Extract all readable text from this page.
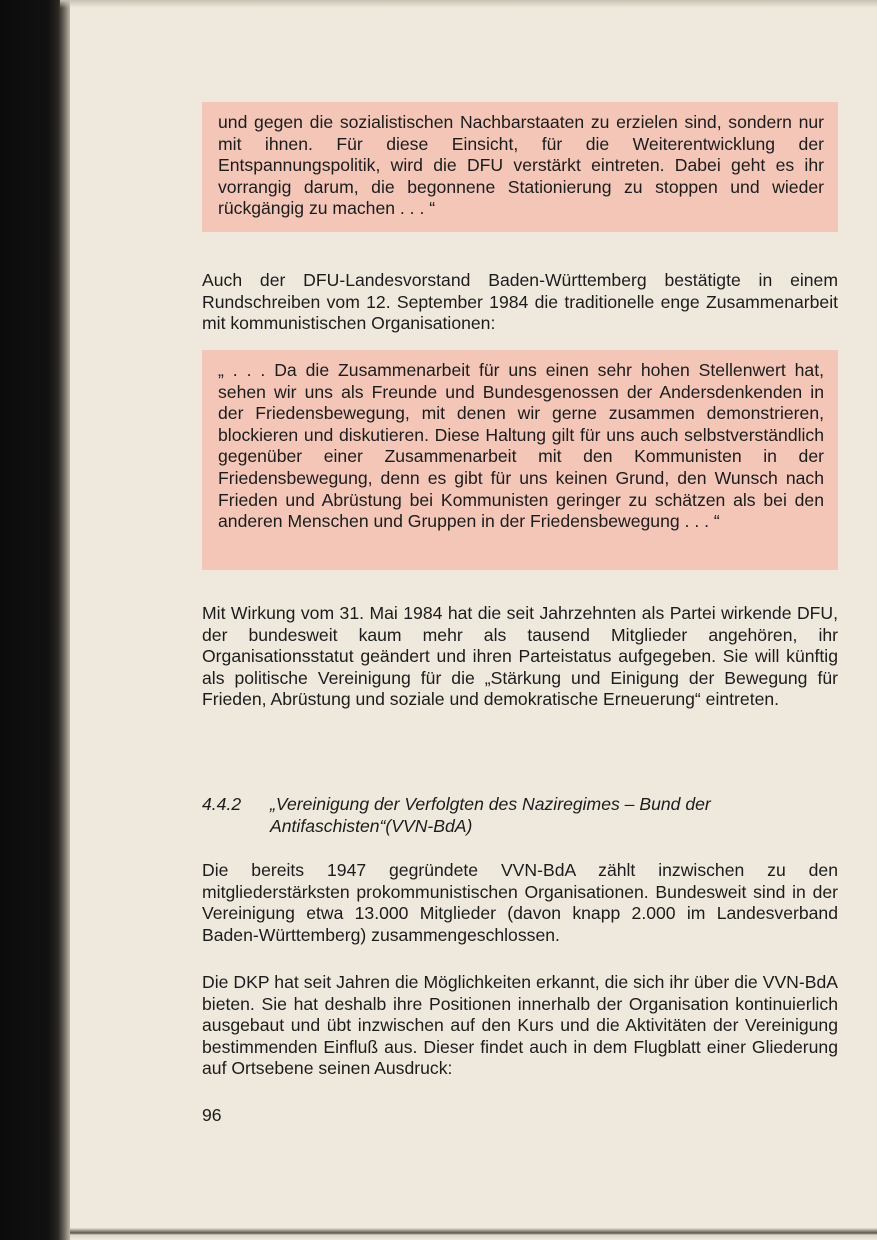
und gegen die sozialistischen Nachbarstaaten zu erzielen sind, sondern nur mit ihnen. Für diese Einsicht, für die Weiterentwicklung der Entspannungspolitik, wird die DFU verstärkt eintreten. Dabei geht es ihr vorrangig darum, die begonnene Stationierung zu stoppen und wieder rückgängig zu machen . . . “

Auch der DFU-Landesvorstand Baden-Württemberg bestätigte in einem Rundschreiben vom 12. September 1984 die traditionelle enge Zusammenarbeit mit kommunistischen Organisationen:

„ . . . Da die Zusammenarbeit für uns einen sehr hohen Stellenwert hat, sehen wir uns als Freunde und Bundesgenossen der Andersdenkenden in der Friedensbewegung, mit denen wir gerne zusammen demonstrieren, blockieren und diskutieren. Diese Haltung gilt für uns auch selbstverständlich gegenüber einer Zusammenarbeit mit den Kommunisten in der Friedensbewegung, denn es gibt für uns keinen Grund, den Wunsch nach Frieden und Abrüstung bei Kommunisten geringer zu schätzen als bei den anderen Menschen und Gruppen in der Friedensbewegung . . . “

Mit Wirkung vom 31. Mai 1984 hat die seit Jahrzehnten als Partei wirkende DFU, der bundesweit kaum mehr als tausend Mitglieder angehören, ihr Organisationsstatut geändert und ihren Parteistatus aufgegeben. Sie will künftig als politische Vereinigung für die „Stärkung und Einigung der Bewegung für Frieden, Abrüstung und soziale und demokratische Erneuerung“ eintreten.

4.4.2	„Vereinigung der Verfolgten des Naziregimes – Bund der Antifaschisten“(VVN-BdA)

Die bereits 1947 gegründete VVN-BdA zählt inzwischen zu den mitgliederstärksten prokommunistischen Organisationen. Bundesweit sind in der Vereinigung etwa 13.000 Mitglieder (davon knapp 2.000 im Landesverband Baden-Württemberg) zusammengeschlossen.

Die DKP hat seit Jahren die Möglichkeiten erkannt, die sich ihr über die VVN-BdA bieten. Sie hat deshalb ihre Positionen innerhalb der Organisation kontinuierlich ausgebaut und übt inzwischen auf den Kurs und die Aktivitäten der Vereinigung bestimmenden Einfluß aus. Dieser findet auch in dem Flugblatt einer Gliederung auf Ortsebene seinen Ausdruck:

96
